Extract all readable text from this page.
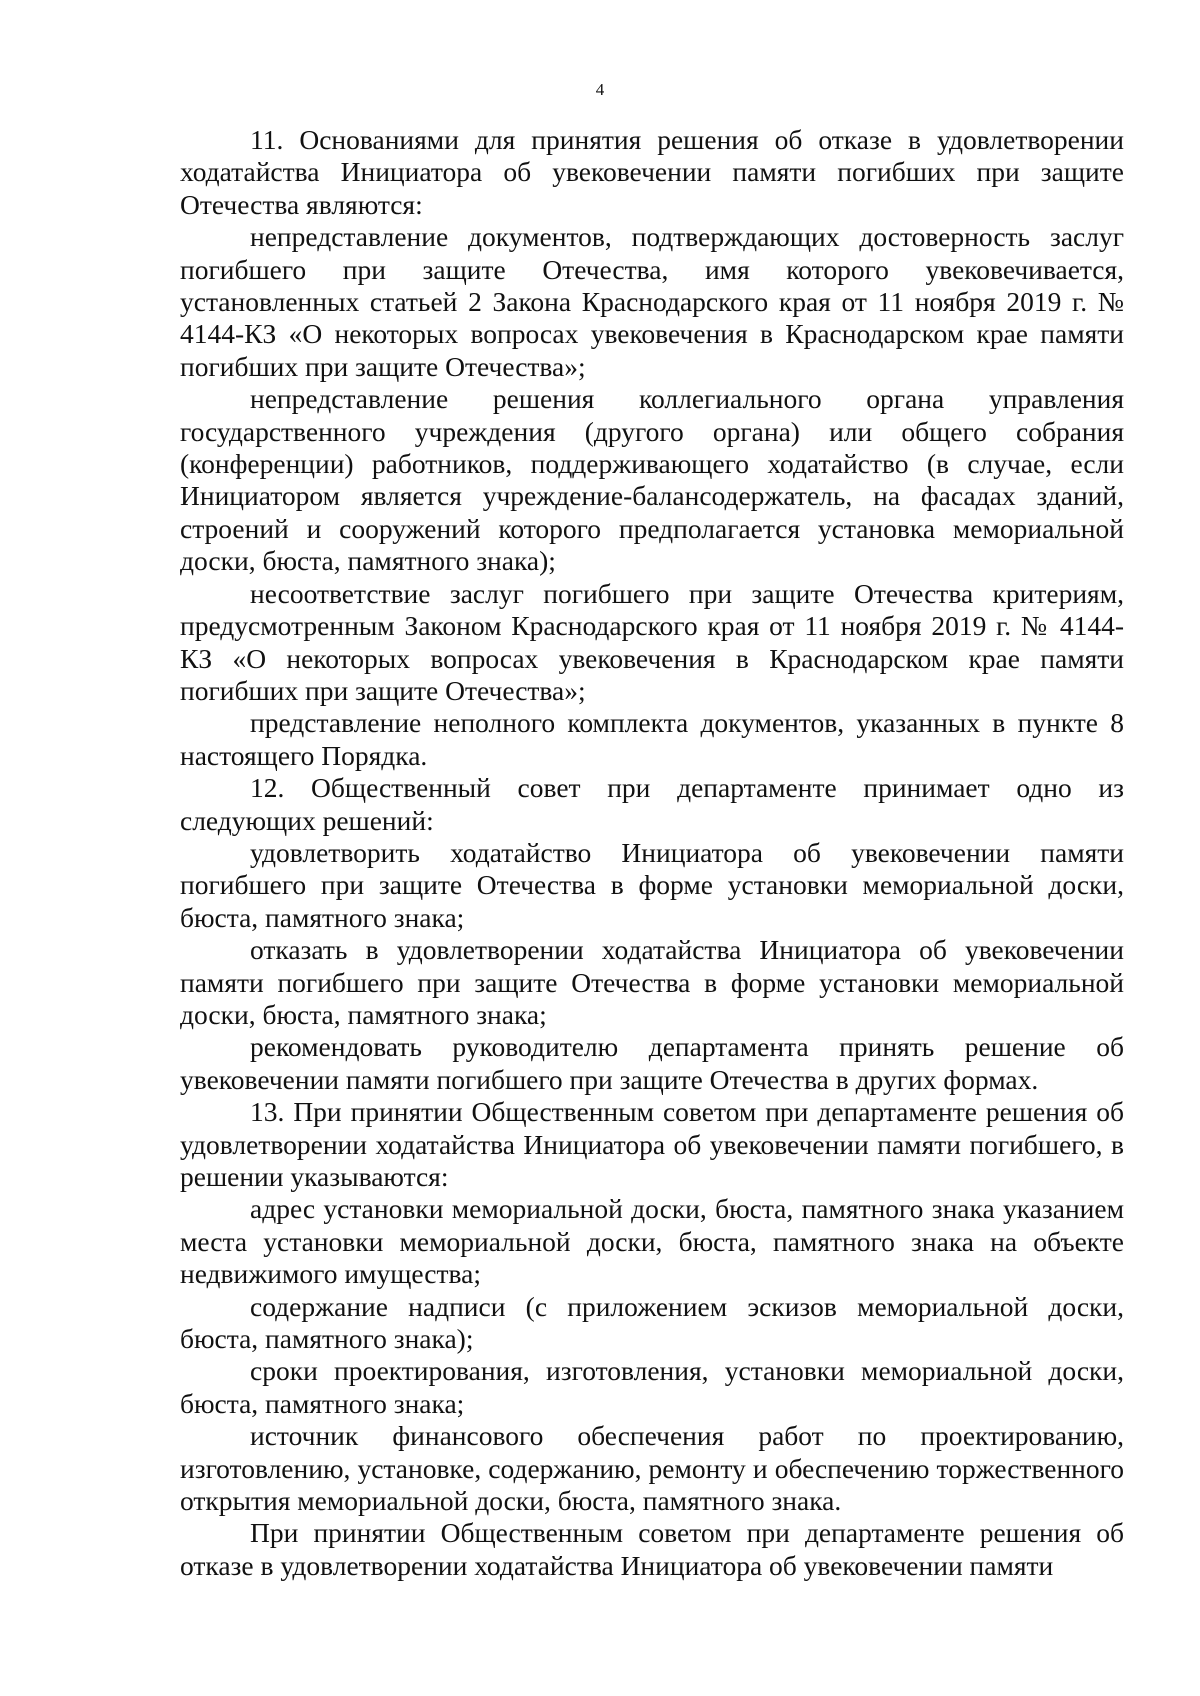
4

11. Основаниями для принятия решения об отказе в удовлетворении ходатайства Инициатора об увековечении памяти погибших при защите Отечества являются:

непредставление документов, подтверждающих достоверность заслуг погибшего при защите Отечества, имя которого увековечивается, установленных статьей 2 Закона Краснодарского края от 11 ноября 2019 г. № 4144-КЗ «О некоторых вопросах увековечения в Краснодарском крае памяти погибших при защите Отечества»;

непредставление решения коллегиального органа управления государственного учреждения (другого органа) или общего собрания (конференции) работников, поддерживающего ходатайство (в случае, если Инициатором является учреждение-балансодержатель, на фасадах зданий, строений и сооружений которого предполагается установка мемориальной доски, бюста, памятного знака);

несоответствие заслуг погибшего при защите Отечества критериям, предусмотренным Законом Краснодарского края от 11 ноября 2019 г. № 4144-КЗ «О некоторых вопросах увековечения в Краснодарском крае памяти погибших при защите Отечества»;

представление неполного комплекта документов, указанных в пункте 8 настоящего Порядка.

12. Общественный совет при департаменте принимает одно из следующих решений:

удовлетворить ходатайство Инициатора об увековечении памяти погибшего при защите Отечества в форме установки мемориальной доски, бюста, памятного знака;

отказать в удовлетворении ходатайства Инициатора об увековечении памяти погибшего при защите Отечества в форме установки мемориальной доски, бюста, памятного знака;

рекомендовать руководителю департамента принять решение об увековечении памяти погибшего при защите Отечества в других формах.

13. При принятии Общественным советом при департаменте решения об удовлетворении ходатайства Инициатора об увековечении памяти погибшего, в решении указываются:

адрес установки мемориальной доски, бюста, памятного знака указанием места установки мемориальной доски, бюста, памятного знака на объекте недвижимого имущества;

содержание надписи (с приложением эскизов мемориальной доски, бюста, памятного знака);

сроки проектирования, изготовления, установки мемориальной доски, бюста, памятного знака;

источник финансового обеспечения работ по проектированию, изготовлению, установке, содержанию, ремонту и обеспечению торжественного открытия мемориальной доски, бюста, памятного знака.

При принятии Общественным советом при департаменте решения об отказе в удовлетворении ходатайства Инициатора об увековечении памяти
